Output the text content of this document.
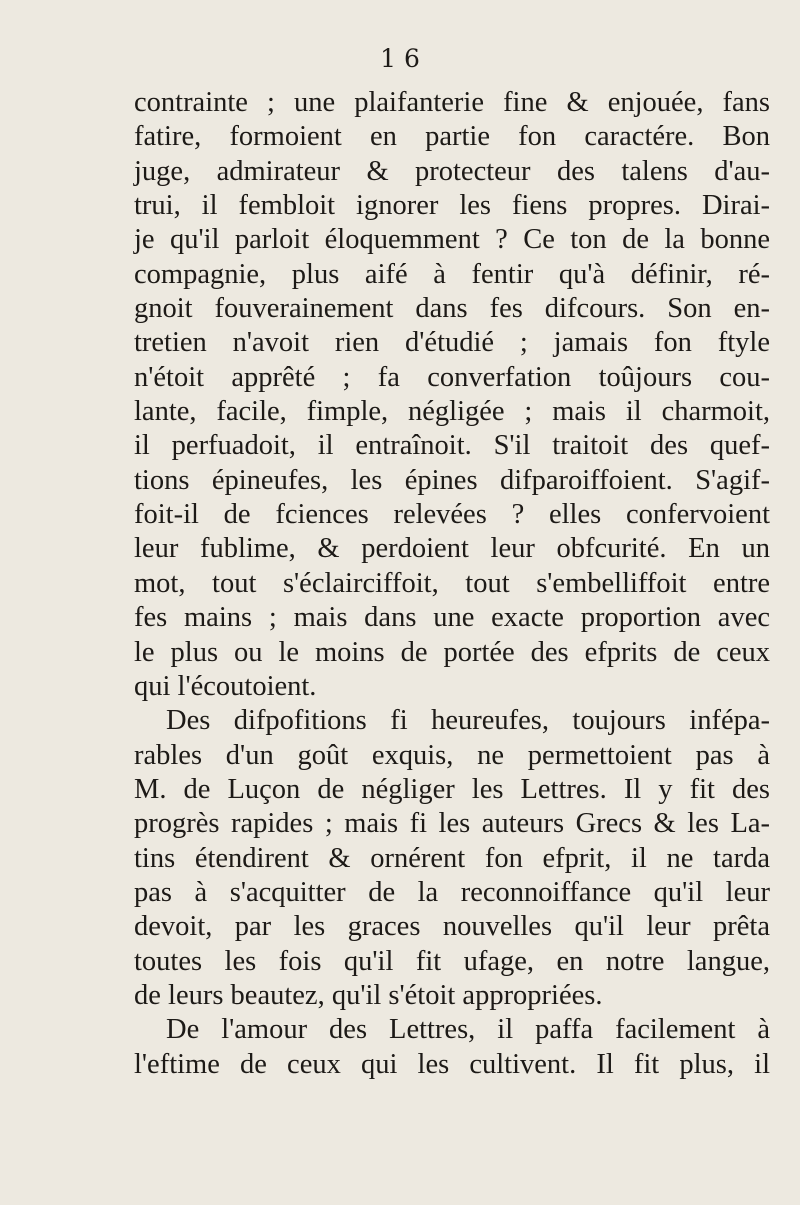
1 6
contrainte ; une plaifanterie fine & enjouée, fans
fatire, formoient en partie fon caractére. Bon
juge, admirateur & protecteur des talens d'au-
trui, il fembloit ignorer les fiens propres. Dirai-
je qu'il parloit éloquemment ? Ce ton de la bonne
compagnie, plus aifé à fentir qu'à définir, ré-
gnoit fouverainement dans fes difcours. Son en-
tretien n'avoit rien d'étudié ; jamais fon ftyle
n'étoit apprêté ; fa converfation toûjours cou-
lante, facile, fimple, négligée ; mais il charmoit,
il perfuadoit, il entraînoit. S'il traitoit des quef-
tions épineufes, les épines difparoiffoient. S'agif-
foit-il de fciences relevées ? elles confervoient
leur fublime, & perdoient leur obfcurité. En un
mot, tout s'éclairciffoit, tout s'embelliffoit entre
fes mains ; mais dans une exacte proportion avec
le plus ou le moins de portée des efprits de ceux
qui l'écoutoient.
Des difpofitions fi heureufes, toujours infépa-
rables d'un goût exquis, ne permettoient pas à
M. de Luçon de négliger les Lettres. Il y fit des
progrès rapides ; mais fi les auteurs Grecs & les La-
tins étendirent & ornérent fon efprit, il ne tarda
pas à s'acquitter de la reconnoiffance qu'il leur
devoit, par les graces nouvelles qu'il leur prêta
toutes les fois qu'il fit ufage, en notre langue,
de leurs beautez, qu'il s'étoit appropriées.
De l'amour des Lettres, il paffa facilement à
l'eftime de ceux qui les cultivent. Il fit plus, il
